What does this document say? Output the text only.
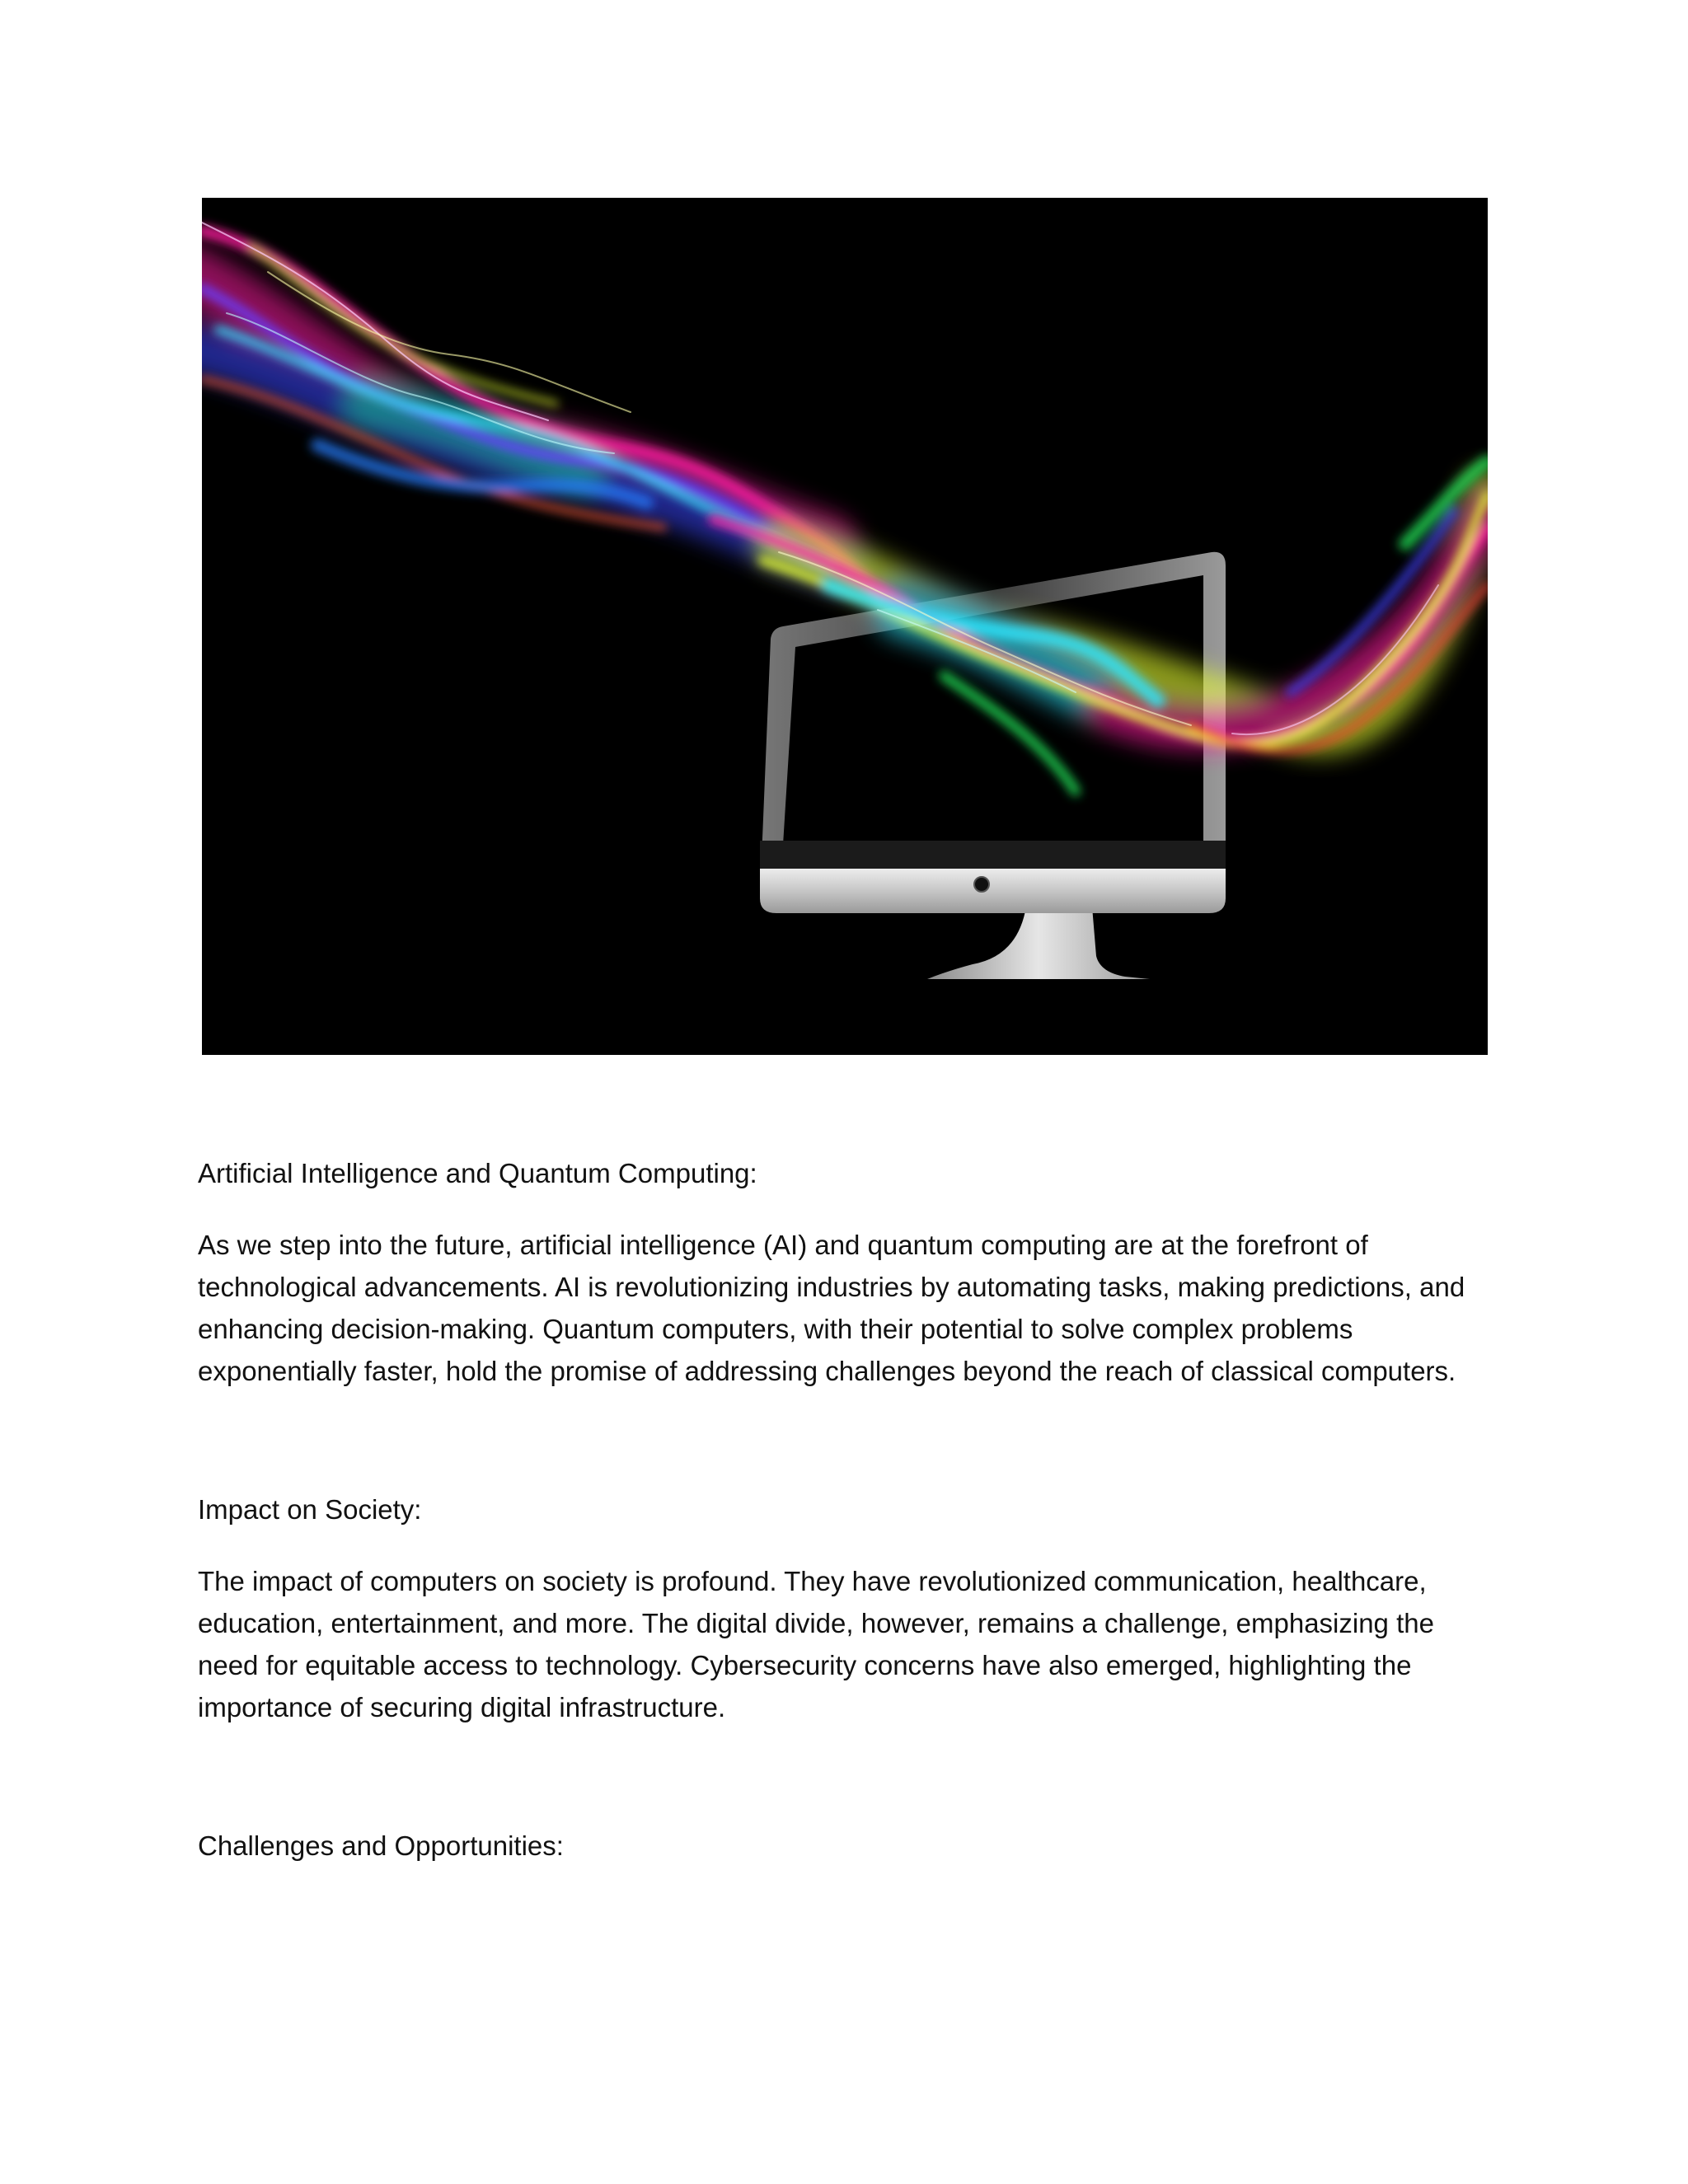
Artificial Intelligence and Quantum Computing:

As we step into the future, artificial intelligence (AI) and quantum computing are at the forefront of technological advancements. AI is revolutionizing industries by automating tasks, making predictions, and enhancing decision-making. Quantum computers, with their potential to solve complex problems exponentially faster, hold the promise of addressing challenges beyond the reach of classical computers.

Impact on Society:

The impact of computers on society is profound. They have revolutionized communication, healthcare, education, entertainment, and more. The digital divide, however, remains a challenge, emphasizing the need for equitable access to technology. Cybersecurity concerns have also emerged, highlighting the importance of securing digital infrastructure.

Challenges and Opportunities:
